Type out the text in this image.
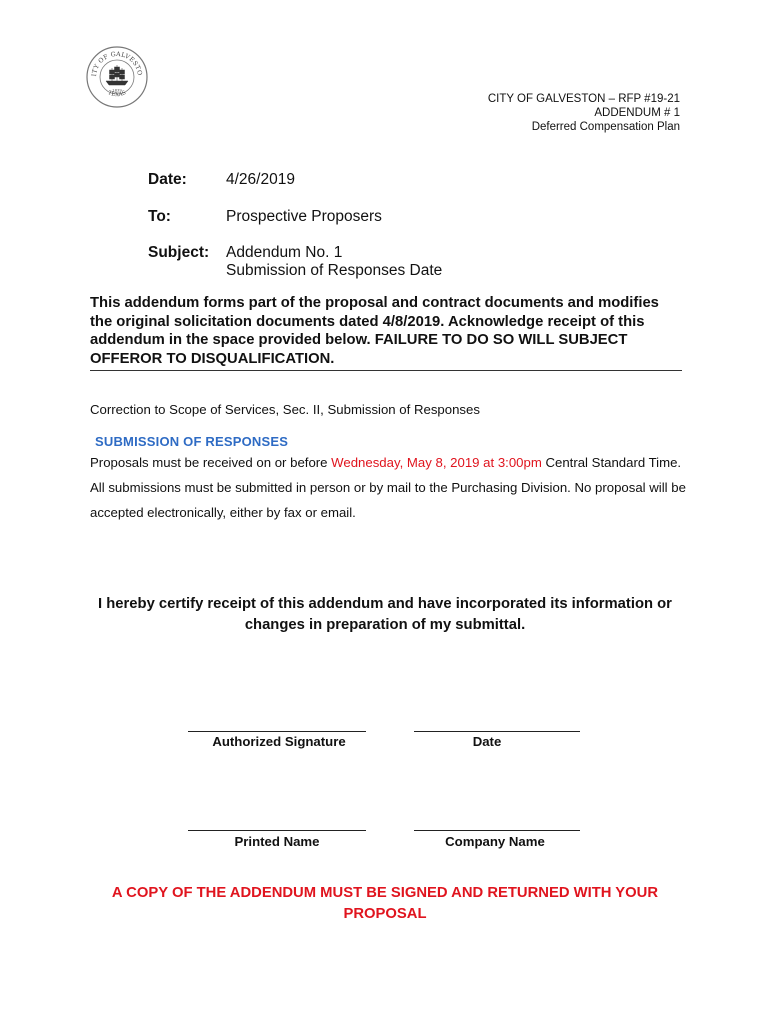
ITY OF GALVESTO
TEXAS
1839
CITY OF GALVESTON – RFP #19-21
ADDENDUM # 1
Deferred Compensation Plan
Date:	4/26/2019
To:	Prospective Proposers
Subject: Addendum No. 1
Submission of Responses Date
This addendum forms part of the proposal and contract documents and modifies the original solicitation documents dated 4/8/2019. Acknowledge receipt of this addendum in the space provided below. FAILURE TO DO SO WILL SUBJECT OFFEROR TO DISQUALIFICATION.
Correction to Scope of Services, Sec. II, Submission of Responses
SUBMISSION OF RESPONSES
Proposals must be received on or before Wednesday, May 8, 2019 at 3:00pm Central Standard Time. All submissions must be submitted in person or by mail to the Purchasing Division. No proposal will be accepted electronically, either by fax or email.
I hereby certify receipt of this addendum and have incorporated its information or changes in preparation of my submittal.
Authorized Signature	Date
Printed Name	Company Name
A COPY OF THE ADDENDUM MUST BE SIGNED AND RETURNED WITH YOUR PROPOSAL
